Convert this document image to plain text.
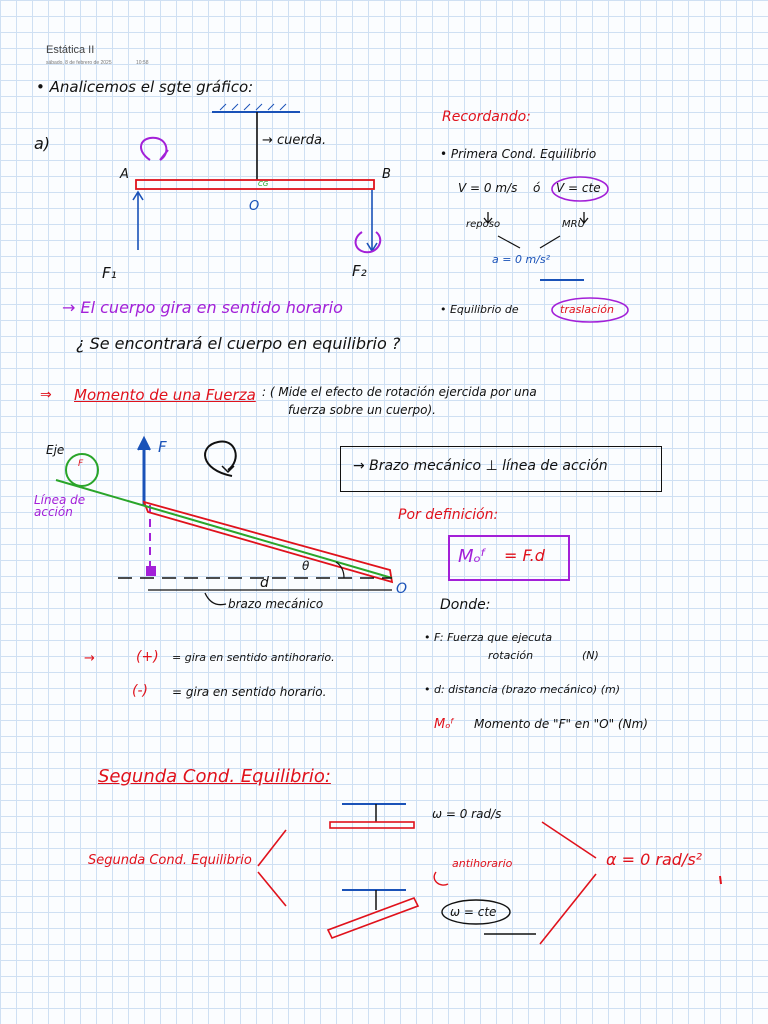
Estática II
sábado, 8 de febrero de 2025	10:58
• Analicemos el sgte gráfico:
a)	→ cuerda.
A	B
CG
O
F₁	F₂
→ El cuerpo gira en sentido horario
¿ Se encontrará el cuerpo en equilibrio ?
Recordando:
• Primera Cond. Equilibrio
V = 0 m/s ó V = cte
reposo	MRU
a = 0 m/s²
• Equilibrio de	traslación
⇒ Momento de una Fuerza : ( Mide el efecto de rotación ejercida por una
fuerza sobre un cuerpo).
Eje
F
F
Línea de acción
d
θ
O
brazo mecánico
→ Brazo mecánico ⊥ línea de acción
Por definición:
Mₒᶠ = F.d
Donde:
• F: Fuerza que ejecuta
rotación	(N)
• d: distancia (brazo mecánico) (m)
Mₒᶠ Momento de "F" en "O" (Nm)
→	(+) = gira en sentido antihorario.
(-) = gira en sentido horario.
Segunda Cond. Equilibrio:
ω = 0 rad/s
Segunda Cond. Equilibrio	antihorario
ω = cte
α = 0 rad/s²
